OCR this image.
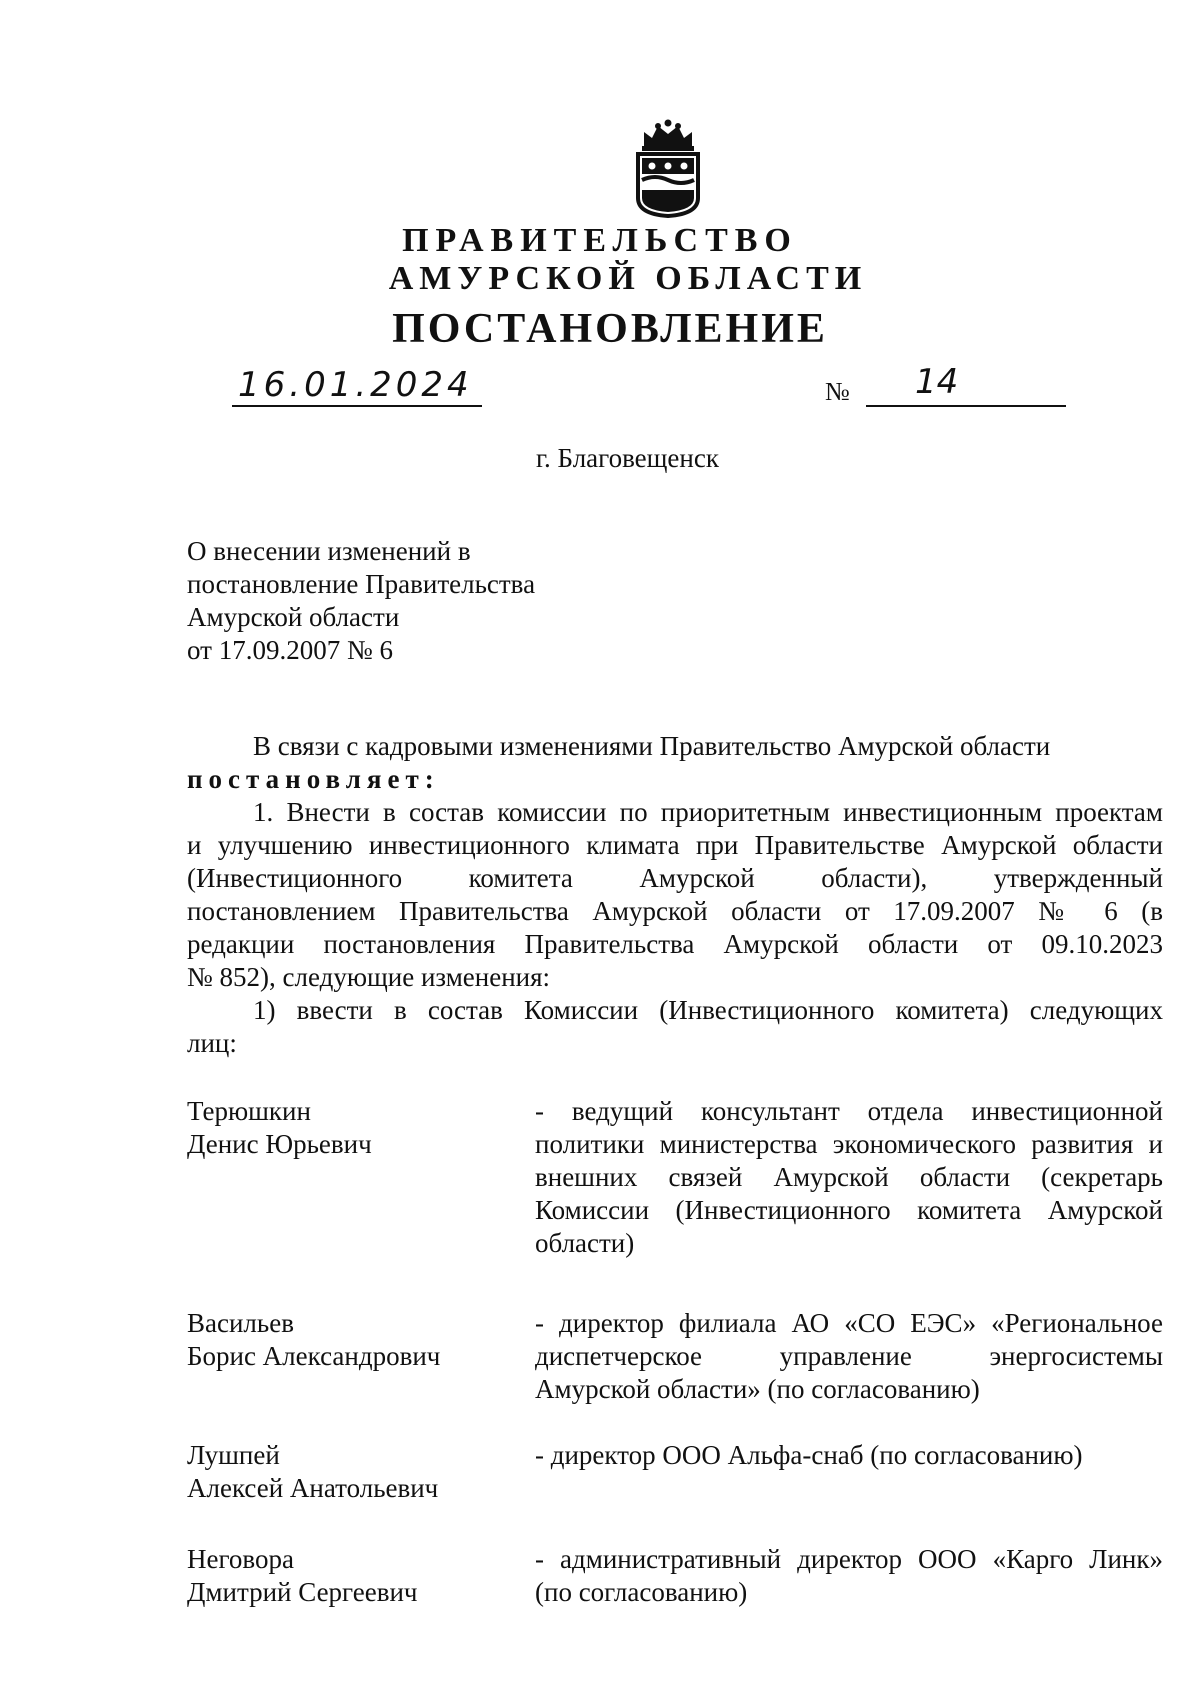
ПРАВИТЕЛЬСТВО
АМУРСКОЙ ОБЛАСТИ
ПОСТАНОВЛЕНИЕ
16.01.2024	№ 14
г. Благовещенск
О внесении изменений в
постановление Правительства
Амурской области
от 17.09.2007 № 6
В связи с кадровыми изменениями Правительство Амурской области
постановляет:
1. Внести в состав комиссии по приоритетным инвестиционным проектам
и улучшению инвестиционного климата при Правительстве Амурской области
(Инвестиционного комитета Амурской области), утвержденный
постановлением Правительства Амурской области от 17.09.2007 № 6 (в
редакции постановления Правительства Амурской области от 09.10.2023
№ 852), следующие изменения:
1) ввести в состав Комиссии (Инвестиционного комитета) следующих
лиц:
Терюшкин
Денис Юрьевич
- ведущий консультант отдела инвестиционной
политики министерства экономического развития и
внешних связей Амурской области (секретарь
Комиссии (Инвестиционного комитета Амурской
области)
Васильев
Борис Александрович
- директор филиала АО «СО ЕЭС» «Региональное
диспетчерское управление энергосистемы
Амурской области» (по согласованию)
Лушпей
Алексей Анатольевич
- директор ООО Альфа-снаб (по согласованию)
Неговора
Дмитрий Сергеевич
- административный директор ООО «Карго Линк»
(по согласованию)
